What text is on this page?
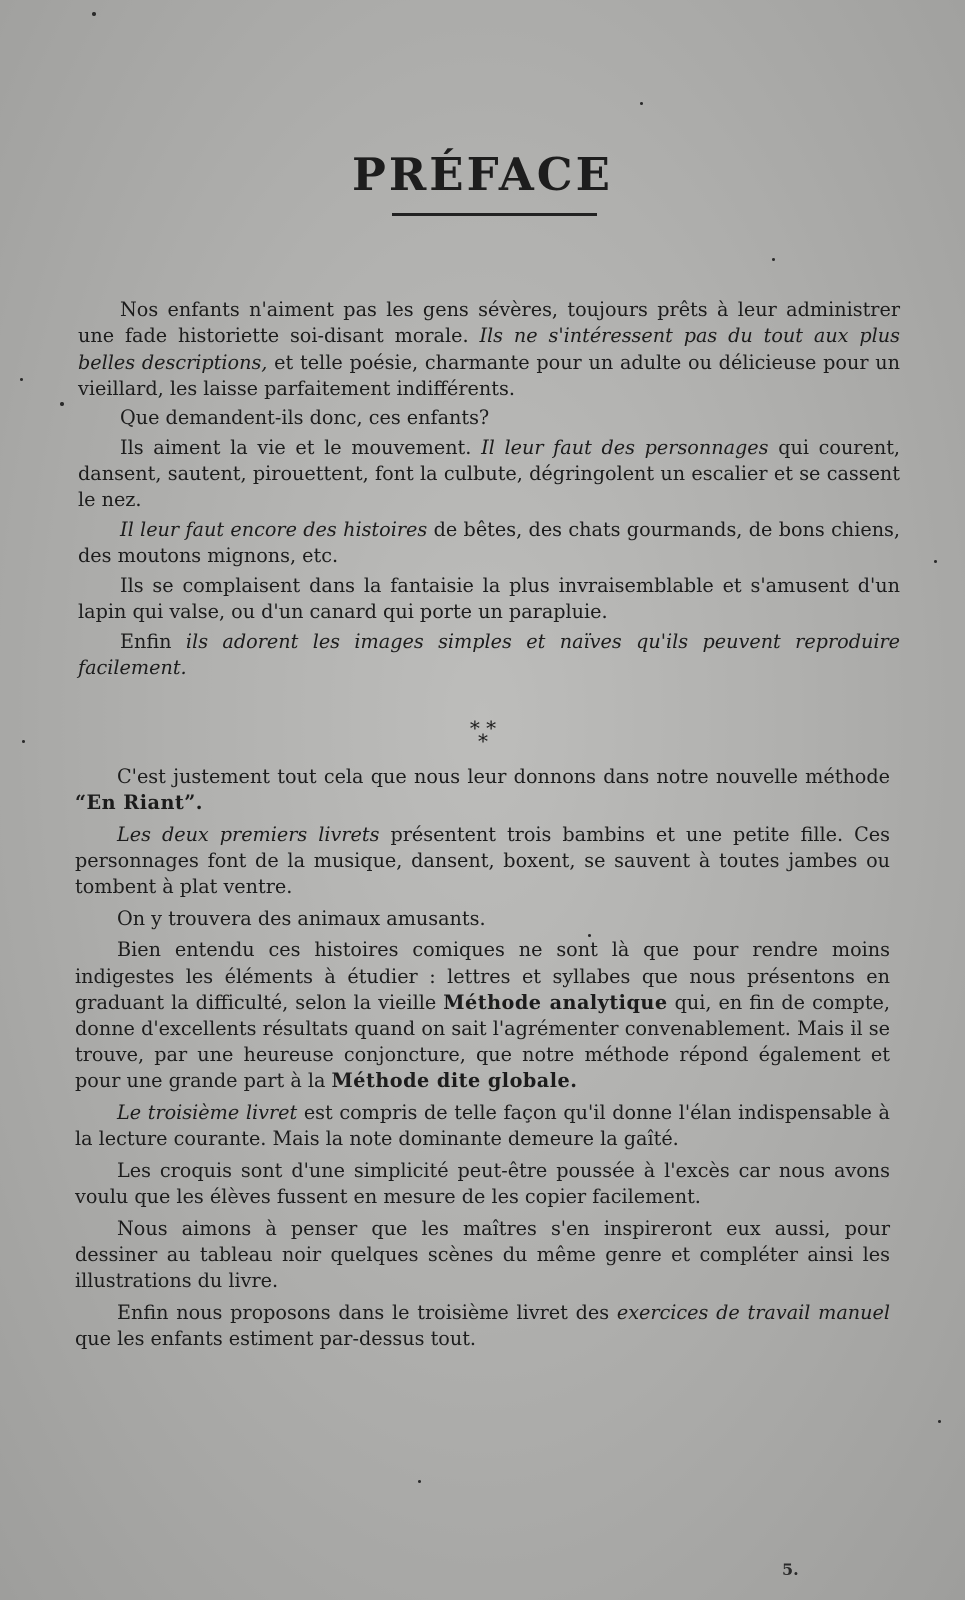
PRÉFACE

Nos enfants n'aiment pas les gens sévères, toujours prêts à leur administrer une fade historiette soi-disant morale. Ils ne s'intéressent pas du tout aux plus belles descriptions, et telle poésie, charmante pour un adulte ou délicieuse pour un vieillard, les laisse parfaitement indifférents.

Que demandent-ils donc, ces enfants?

Ils aiment la vie et le mouvement. Il leur faut des personnages qui courent, dansent, sautent, pirouettent, font la culbute, dégringolent un escalier et se cassent le nez.

Il leur faut encore des histoires de bêtes, des chats gourmands, de bons chiens, des moutons mignons, etc.

Ils se complaisent dans la fantaisie la plus invraisemblable et s'amusent d'un lapin qui valse, ou d'un canard qui porte un parapluie.

Enfin ils adorent les images simples et naïves qu'ils peuvent reproduire facilement.

* * *

C'est justement tout cela que nous leur donnons dans notre nouvelle méthode “En Riant”.

Les deux premiers livrets présentent trois bambins et une petite fille. Ces personnages font de la musique, dansent, boxent, se sauvent à toutes jambes ou tombent à plat ventre.

On y trouvera des animaux amusants.

Bien entendu ces histoires comiques ne sont là que pour rendre moins indigestes les éléments à étudier : lettres et syllabes que nous présentons en graduant la difficulté, selon la vieille Méthode analytique qui, en fin de compte, donne d'excellents résultats quand on sait l'agrémenter convenablement. Mais il se trouve, par une heureuse conjoncture, que notre méthode répond également et pour une grande part à la Méthode dite globale.

Le troisième livret est compris de telle façon qu'il donne l'élan indispensable à la lecture courante. Mais la note dominante demeure la gaîté.

Les croquis sont d'une simplicité peut-être poussée à l'excès car nous avons voulu que les élèves fussent en mesure de les copier facilement.

Nous aimons à penser que les maîtres s'en inspireront eux aussi, pour dessiner au tableau noir quelques scènes du même genre et compléter ainsi les illustrations du livre.

Enfin nous proposons dans le troisième livret des exercices de travail manuel que les enfants estiment par-dessus tout.

5.
